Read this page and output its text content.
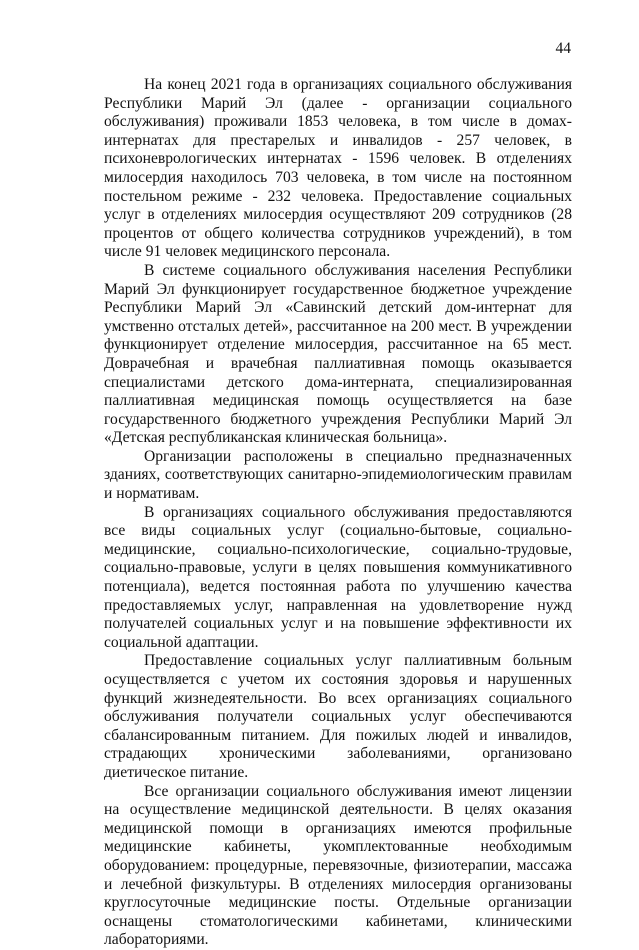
44

На конец 2021 года в организациях социального обслуживания Республики Марий Эл (далее - организации социального обслуживания) проживали 1853 человека, в том числе в домах-интернатах для престарелых и инвалидов - 257 человек, в психоневрологических интернатах - 1596 человек. В отделениях милосердия находилось 703 человека, в том числе на постоянном постельном режиме - 232 человека. Предоставление социальных услуг в отделениях милосердия осуществляют 209 сотрудников (28 процентов от общего количества сотрудников учреждений), в том числе 91 человек медицинского персонала.

В системе социального обслуживания населения Республики Марий Эл функционирует государственное бюджетное учреждение Республики Марий Эл «Савинский детский дом-интернат для умственно отсталых детей», рассчитанное на 200 мест. В учреждении функционирует отделение милосердия, рассчитанное на 65 мест. Доврачебная и врачебная паллиативная помощь оказывается специалистами детского дома-интерната, специализированная паллиативная медицинская помощь осуществляется на базе государственного бюджетного учреждения Республики Марий Эл «Детская республиканская клиническая больница».

Организации расположены в специально предназначенных зданиях, соответствующих санитарно-эпидемиологическим правилам и нормативам.

В организациях социального обслуживания предоставляются все виды социальных услуг (социально-бытовые, социально-медицинские, социально-психологические, социально-трудовые, социально-правовые, услуги в целях повышения коммуникативного потенциала), ведется постоянная работа по улучшению качества предоставляемых услуг, направленная на удовлетворение нужд получателей социальных услуг и на повышение эффективности их социальной адаптации.

Предоставление социальных услуг паллиативным больным осуществляется с учетом их состояния здоровья и нарушенных функций жизнедеятельности. Во всех организациях социального обслуживания получатели социальных услуг обеспечиваются сбалансированным питанием. Для пожилых людей и инвалидов, страдающих хроническими заболеваниями, организовано диетическое питание.

Все организации социального обслуживания имеют лицензии на осуществление медицинской деятельности. В целях оказания медицинской помощи в организациях имеются профильные медицинские кабинеты, укомплектованные необходимым оборудованием: процедурные, перевязочные, физиотерапии, массажа и лечебной физкультуры. В отделениях милосердия организованы круглосуточные медицинские посты. Отдельные организации оснащены стоматологическими кабинетами, клиническими лабораториями.
